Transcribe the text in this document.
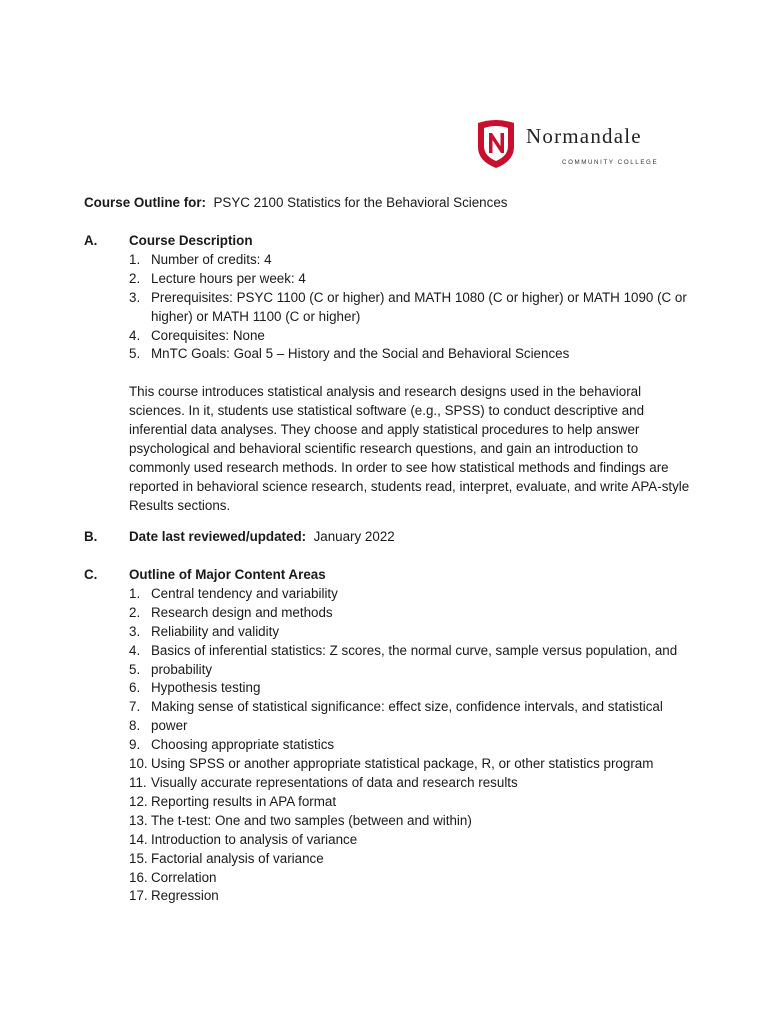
Normandale
COMMUNITY COLLEGE
Course Outline for: PSYC 2100 Statistics for the Behavioral Sciences
A. Course Description
1. Number of credits: 4
2. Lecture hours per week: 4
3. Prerequisites: PSYC 1100 (C or higher) and MATH 1080 (C or higher) or MATH 1090 (C or higher) or MATH 1100 (C or higher)
4. Corequisites: None
5. MnTC Goals: Goal 5 – History and the Social and Behavioral Sciences
This course introduces statistical analysis and research designs used in the behavioral sciences. In it, students use statistical software (e.g., SPSS) to conduct descriptive and inferential data analyses. They choose and apply statistical procedures to help answer psychological and behavioral scientific research questions, and gain an introduction to commonly used research methods. In order to see how statistical methods and findings are reported in behavioral science research, students read, interpret, evaluate, and write APA-style Results sections.
B. Date last reviewed/updated: January 2022
C. Outline of Major Content Areas
1. Central tendency and variability
2. Research design and methods
3. Reliability and validity
4. Basics of inferential statistics: Z scores, the normal curve, sample versus population, and
5. probability
6. Hypothesis testing
7. Making sense of statistical significance: effect size, confidence intervals, and statistical
8. power
9. Choosing appropriate statistics
10. Using SPSS or another appropriate statistical package, R, or other statistics program
11. Visually accurate representations of data and research results
12. Reporting results in APA format
13. The t-test: One and two samples (between and within)
14. Introduction to analysis of variance
15. Factorial analysis of variance
16. Correlation
17. Regression
